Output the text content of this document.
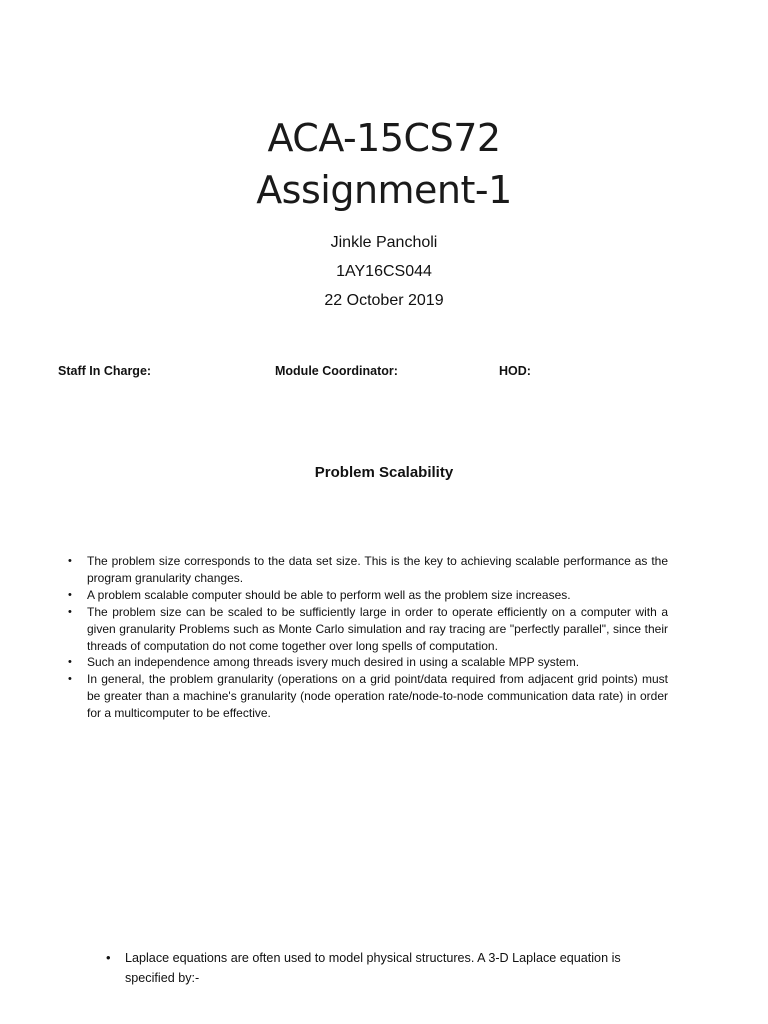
ACA-15CS72
Assignment-1
Jinkle Pancholi
1AY16CS044
22 October 2019
Staff In Charge:	Module Coordinator:	HOD:
Problem Scalability
• The problem size corresponds to the data set size. This is the key to achieving scalable performance as the program granularity changes.
• A problem scalable computer should be able to perform well as the problem size increases.
• The problem size can be scaled to be sufficiently large in order to operate efficiently on a computer with a given granularity Problems such as Monte Carlo simulation and ray tracing are "perfectly parallel", since their threads of computation do not come together over long spells of computation.
• Such an independence among threads isvery much desired in using a scalable MPP system.
• In general, the problem granularity (operations on a grid point/data required from adjacent grid points) must be greater than a machine's granularity (node operation rate/node-to-node communication data rate) in order for a multicomputer to be effective.
• Laplace equations are often used to model physical structures. A 3-D Laplace equation is specified by:-
